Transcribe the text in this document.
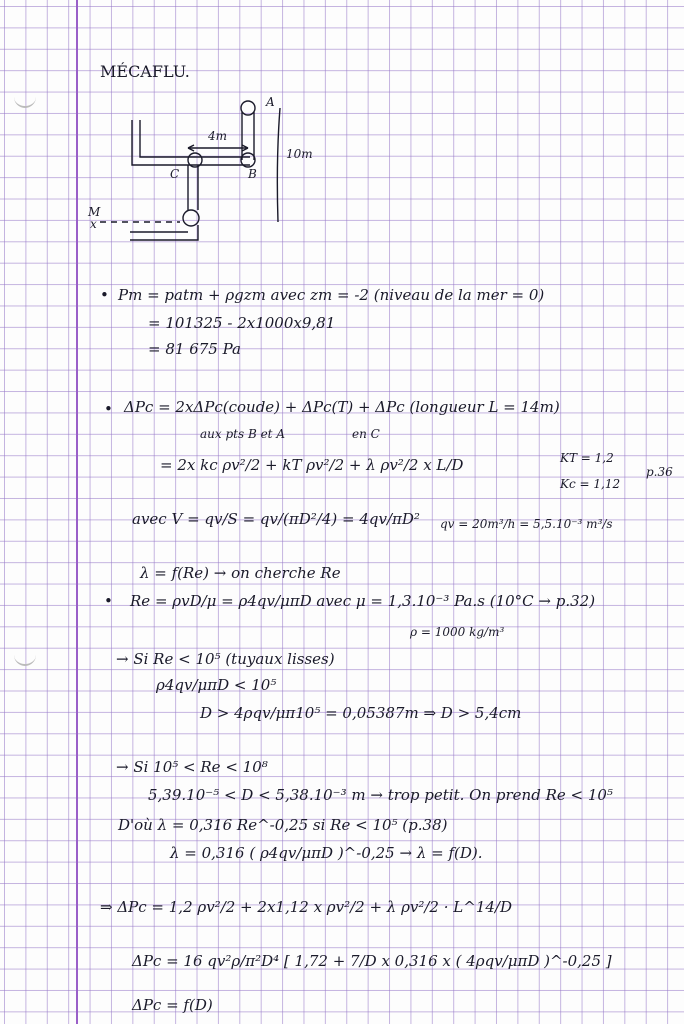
MÉCAFLU.
A
B
C
M
x
4m
10m
• Pm = patm + ρgzm avec zm = -2 (niveau de la mer = 0)
= 101325 - 2x1000x9,81
= 81 675 Pa
• ΔPc = 2xΔPc(coude) + ΔPc(T) + ΔPc (longueur L = 14m)
aux pts B et A	en C
= 2x kc ρv²/2 + kT ρv²/2 + λ ρv²/2 x L/D	KT = 1,2
Kc = 1,12
p.36
avec V = qv/S = qv/(πD²/4) = 4qv/πD² qv = 20m³/h = 5,5.10⁻³ m³/s
λ = f(Re) → on cherche Re
• Re = ρvD/μ = ρ4qv/μπD avec μ = 1,3.10⁻³ Pa.s (10°C → p.32)
ρ = 1000 kg/m³
→ Si Re < 10⁵ (tuyaux lisses)
ρ4qv/μπD < 10⁵
D > 4ρqv/μπ10⁵ = 0,05387m ⇒ D > 5,4cm
→ Si 10⁵ < Re < 10⁸
5,39.10⁻⁵ < D < 5,38.10⁻³ m → trop petit. On prend Re < 10⁵
D'où λ = 0,316 Re^-0,25 si Re < 10⁵ (p.38)
λ = 0,316 ( ρ4qv/μπD )^-0,25 → λ = f(D).
⇒ ΔPc = 1,2 ρv²/2 + 2x1,12 x ρv²/2 + λ ρv²/2 · L^14/D
ΔPc = 16 qv²ρ/π²D⁴ [ 1,72 + 7/D x 0,316 x ( 4ρqv/μπD )^-0,25 ]
ΔPc = f(D)
